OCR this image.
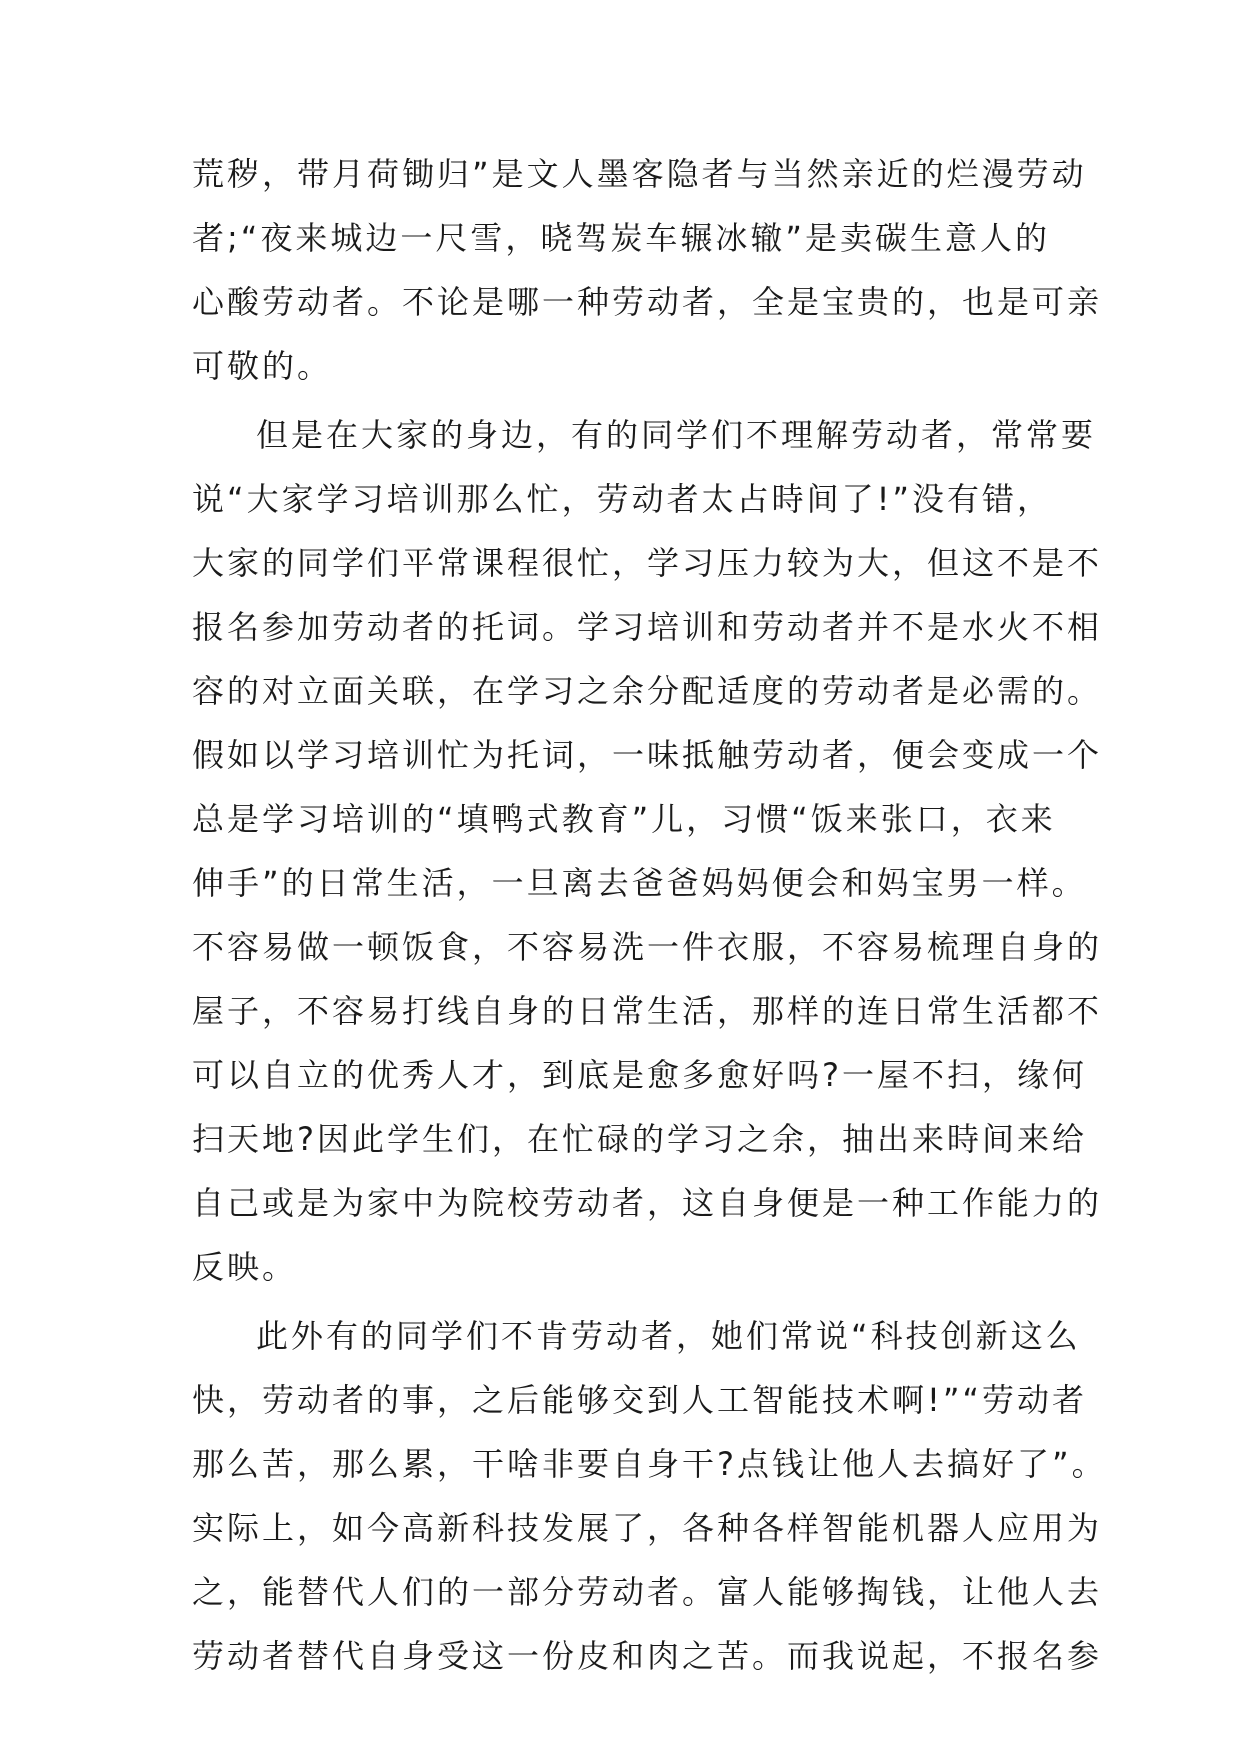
荒秽，带月荷锄归”是文人墨客隐者与当然亲近的烂漫劳动
者;“夜来城边一尺雪，晓驾炭车辗冰辙”是卖碳生意人的
心酸劳动者。不论是哪一种劳动者，全是宝贵的，也是可亲
可敬的。
但是在大家的身边，有的同学们不理解劳动者，常常要
说“大家学习培训那么忙，劳动者太占時间了!”没有错，
大家的同学们平常课程很忙，学习压力较为大，但这不是不
报名参加劳动者的托词。学习培训和劳动者并不是水火不相
容的对立面关联，在学习之余分配适度的劳动者是必需的。
假如以学习培训忙为托词，一味抵触劳动者，便会变成一个
总是学习培训的“填鸭式教育”儿，习惯“饭来张口，衣来
伸手”的日常生活，一旦离去爸爸妈妈便会和妈宝男一样。
不容易做一顿饭食，不容易洗一件衣服，不容易梳理自身的
屋子，不容易打线自身的日常生活，那样的连日常生活都不
可以自立的优秀人才，到底是愈多愈好吗?一屋不扫，缘何
扫天地?因此学生们，在忙碌的学习之余，抽出来時间来给
自己或是为家中为院校劳动者，这自身便是一种工作能力的
反映。
此外有的同学们不肯劳动者，她们常说“科技创新这么
快，劳动者的事，之后能够交到人工智能技术啊!”“劳动者
那么苦，那么累，干啥非要自身干?点钱让他人去搞好了”。
实际上，如今高新科技发展了，各种各样智能机器人应用为
之，能替代人们的一部分劳动者。富人能够掏钱，让他人去
劳动者替代自身受这一份皮和肉之苦。而我说起，不报名参
